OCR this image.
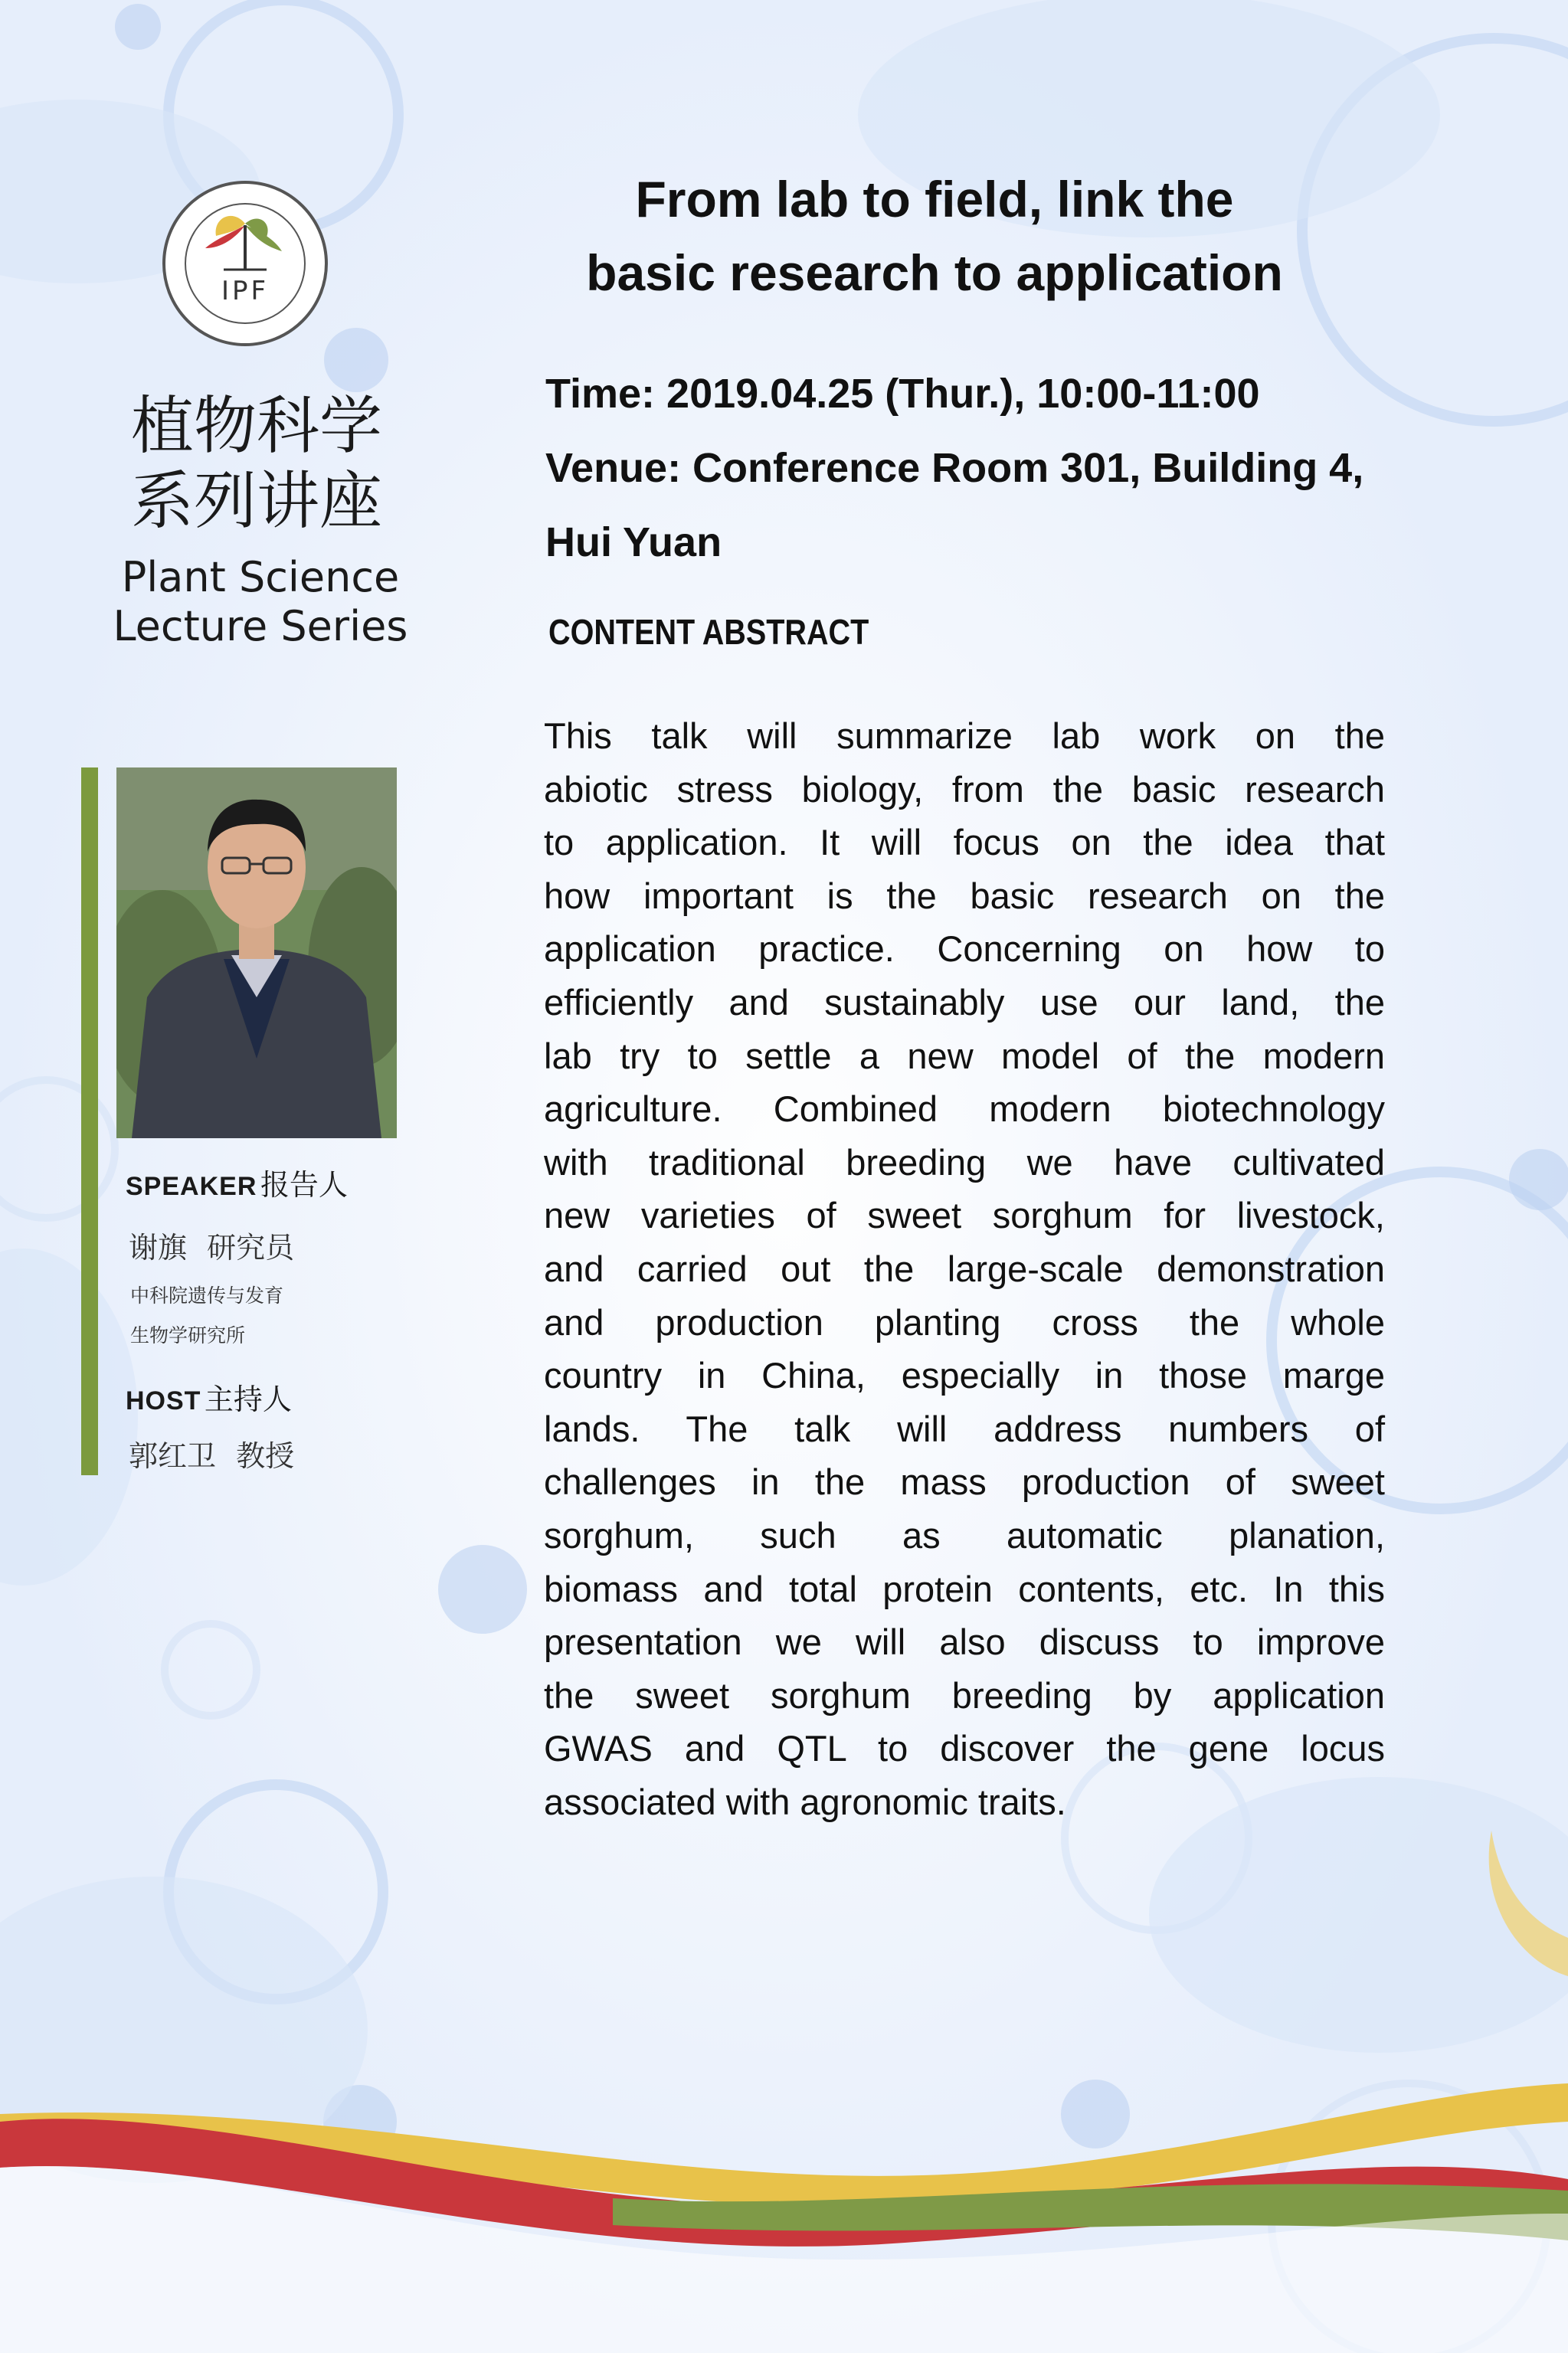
IPF
植物科学
系列讲座
Plant Science
Lecture Series
SPEAKER 报告人
谢旗 研究员
中科院遗传与发育
生物学研究所
HOST 主持人
郭红卫 教授
From lab to field, link the
basic research to application
Time: 2019.04.25 (Thur.), 10:00-11:00
Venue: Conference Room 301, Building 4,
Hui Yuan
CONTENT ABSTRACT
This talk will summarize lab work on the
abiotic stress biology, from the basic research
to application. It will focus on the idea that
how important is the basic research on the
application practice. Concerning on how to
efficiently and sustainably use our land, the
lab try to settle a new model of the modern
agriculture. Combined modern biotechnology
with traditional breeding we have cultivated
new varieties of sweet sorghum for livestock,
and carried out the large-scale demonstration
and production planting cross the whole
country in China, especially in those marge
lands. The talk will address numbers of
challenges in the mass production of sweet
sorghum, such as automatic planation,
biomass and total protein contents, etc. In this
presentation we will also discuss to improve
the sweet sorghum breeding by application
GWAS and QTL to discover the gene locus
associated with agronomic traits.
